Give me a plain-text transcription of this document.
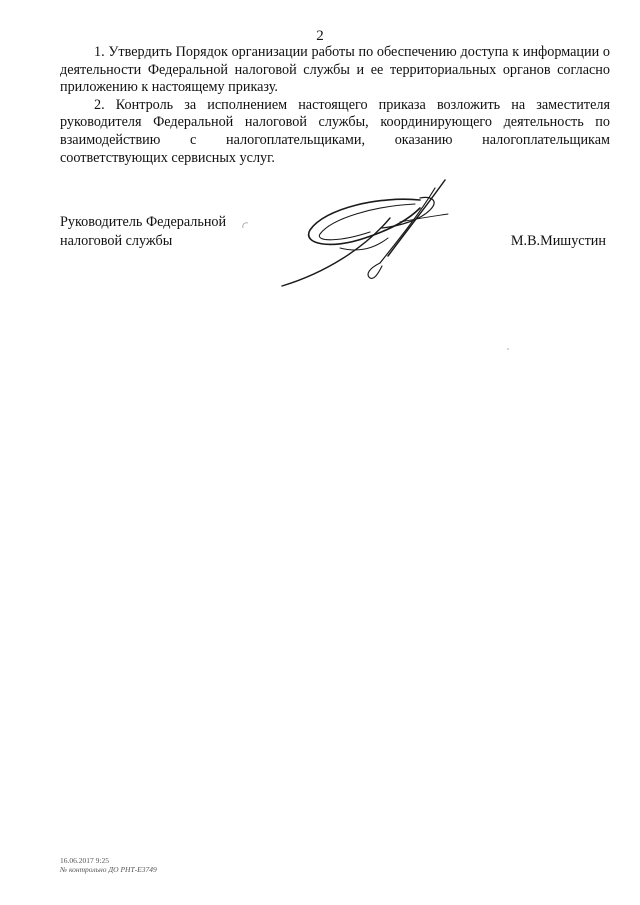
2

1. Утвердить Порядок организации работы по обеспечению доступа к информации о деятельности Федеральной налоговой службы и ее территориальных органов согласно приложению к настоящему приказу.

2. Контроль за исполнением настоящего приказа возложить на заместителя руководителя Федеральной налоговой службы, координирующего деятельность по взаимодействию с налогоплательщиками, оказанию налогоплательщикам соответствующих сервисных услуг.

Руководитель Федеральной
налоговой службы	М.В.Мишустин
16.06.2017 9:25
№ контрольно ДО РНТ-Е3749
